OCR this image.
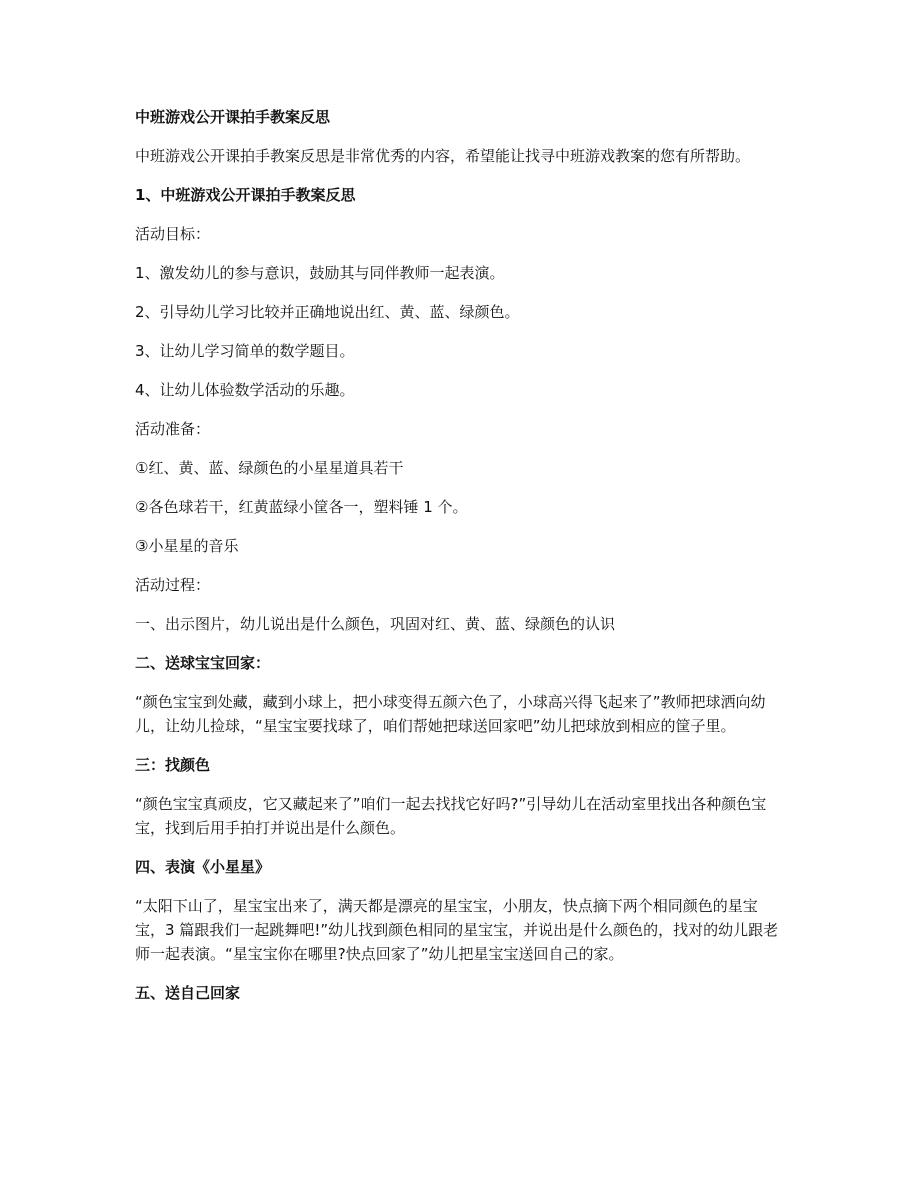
中班游戏公开课拍手教案反思

中班游戏公开课拍手教案反思是非常优秀的内容，希望能让找寻中班游戏教案的您有所帮助。

1、中班游戏公开课拍手教案反思

活动目标：

1、激发幼儿的参与意识，鼓励其与同伴教师一起表演。

2、引导幼儿学习比较并正确地说出红、黄、蓝、绿颜色。

3、让幼儿学习简单的数学题目。

4、让幼儿体验数学活动的乐趣。

活动准备：

①红、黄、蓝、绿颜色的小星星道具若干

②各色球若干，红黄蓝绿小筐各一，塑料锤 1 个。

③小星星的音乐

活动过程：

一、出示图片，幼儿说出是什么颜色，巩固对红、黄、蓝、绿颜色的认识

二、送球宝宝回家：

“颜色宝宝到处藏，藏到小球上，把小球变得五颜六色了，小球高兴得飞起来了”教师把球洒向幼儿，让幼儿捡球，“星宝宝要找球了，咱们帮她把球送回家吧”幼儿把球放到相应的筐子里。

三：找颜色

“颜色宝宝真顽皮，它又藏起来了”咱们一起去找找它好吗?”引导幼儿在活动室里找出各种颜色宝宝，找到后用手拍打并说出是什么颜色。

四、表演《小星星》

“太阳下山了，星宝宝出来了，满天都是漂亮的星宝宝，小朋友，快点摘下两个相同颜色的星宝宝，3 篇跟我们一起跳舞吧!”幼儿找到颜色相同的星宝宝，并说出是什么颜色的，找对的幼儿跟老师一起表演。“星宝宝你在哪里?快点回家了”幼儿把星宝宝送回自己的家。

五、送自己回家
